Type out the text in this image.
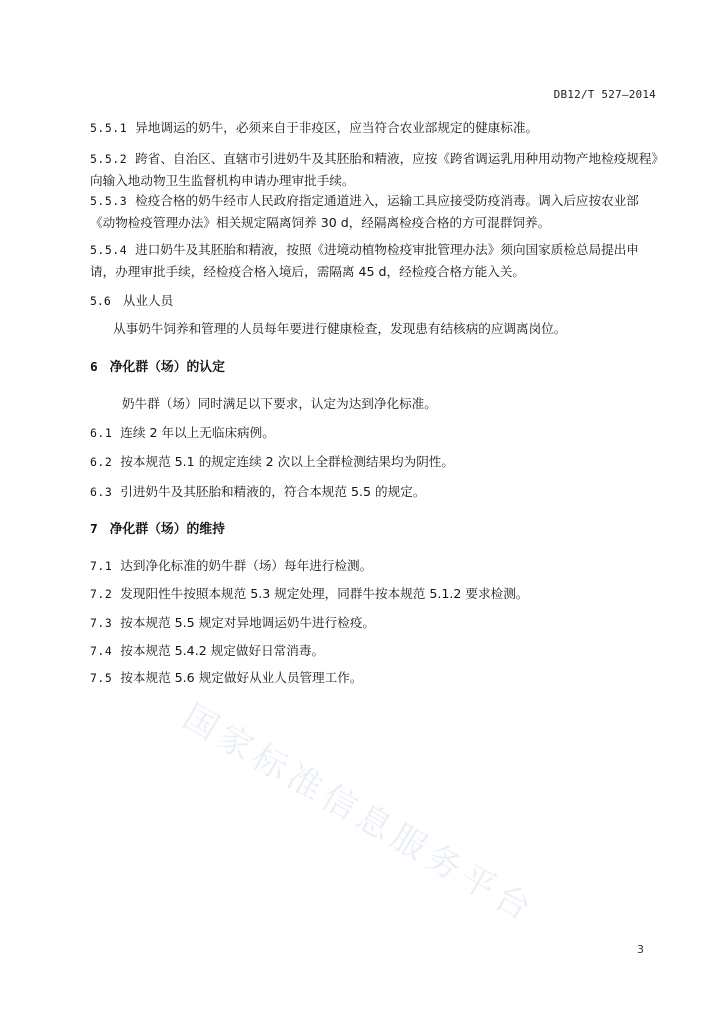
DB12/T 527—2014
5.5.1 异地调运的奶牛，必须来自于非疫区，应当符合农业部规定的健康标准。
5.5.2 跨省、自治区、直辖市引进奶牛及其胚胎和精液，应按《跨省调运乳用种用动物产地检疫规程》向输入地动物卫生监督机构申请办理审批手续。
5.5.3 检疫合格的奶牛经市人民政府指定通道进入，运输工具应接受防疫消毒。调入后应按农业部《动物检疫管理办法》相关规定隔离饲养 30 d，经隔离检疫合格的方可混群饲养。
5.5.4 进口奶牛及其胚胎和精液，按照《进境动植物检疫审批管理办法》须向国家质检总局提出申请，办理审批手续，经检疫合格入境后，需隔离 45 d，经检疫合格方能入关。
5.6 从业人员
从事奶牛饲养和管理的人员每年要进行健康检查，发现患有结核病的应调离岗位。
6 净化群（场）的认定
奶牛群（场）同时满足以下要求，认定为达到净化标准。
6.1 连续 2 年以上无临床病例。
6.2 按本规范 5.1 的规定连续 2 次以上全群检测结果均为阴性。
6.3 引进奶牛及其胚胎和精液的，符合本规范 5.5 的规定。
7 净化群（场）的维持
7.1 达到净化标准的奶牛群（场）每年进行检测。
7.2 发现阳性牛按照本规范 5.3 规定处理，同群牛按本规范 5.1.2 要求检测。
7.3 按本规范 5.5 规定对异地调运奶牛进行检疫。
7.4 按本规范 5.4.2 规定做好日常消毒。
7.5 按本规范 5.6 规定做好从业人员管理工作。
国家标准信息服务平台
3
